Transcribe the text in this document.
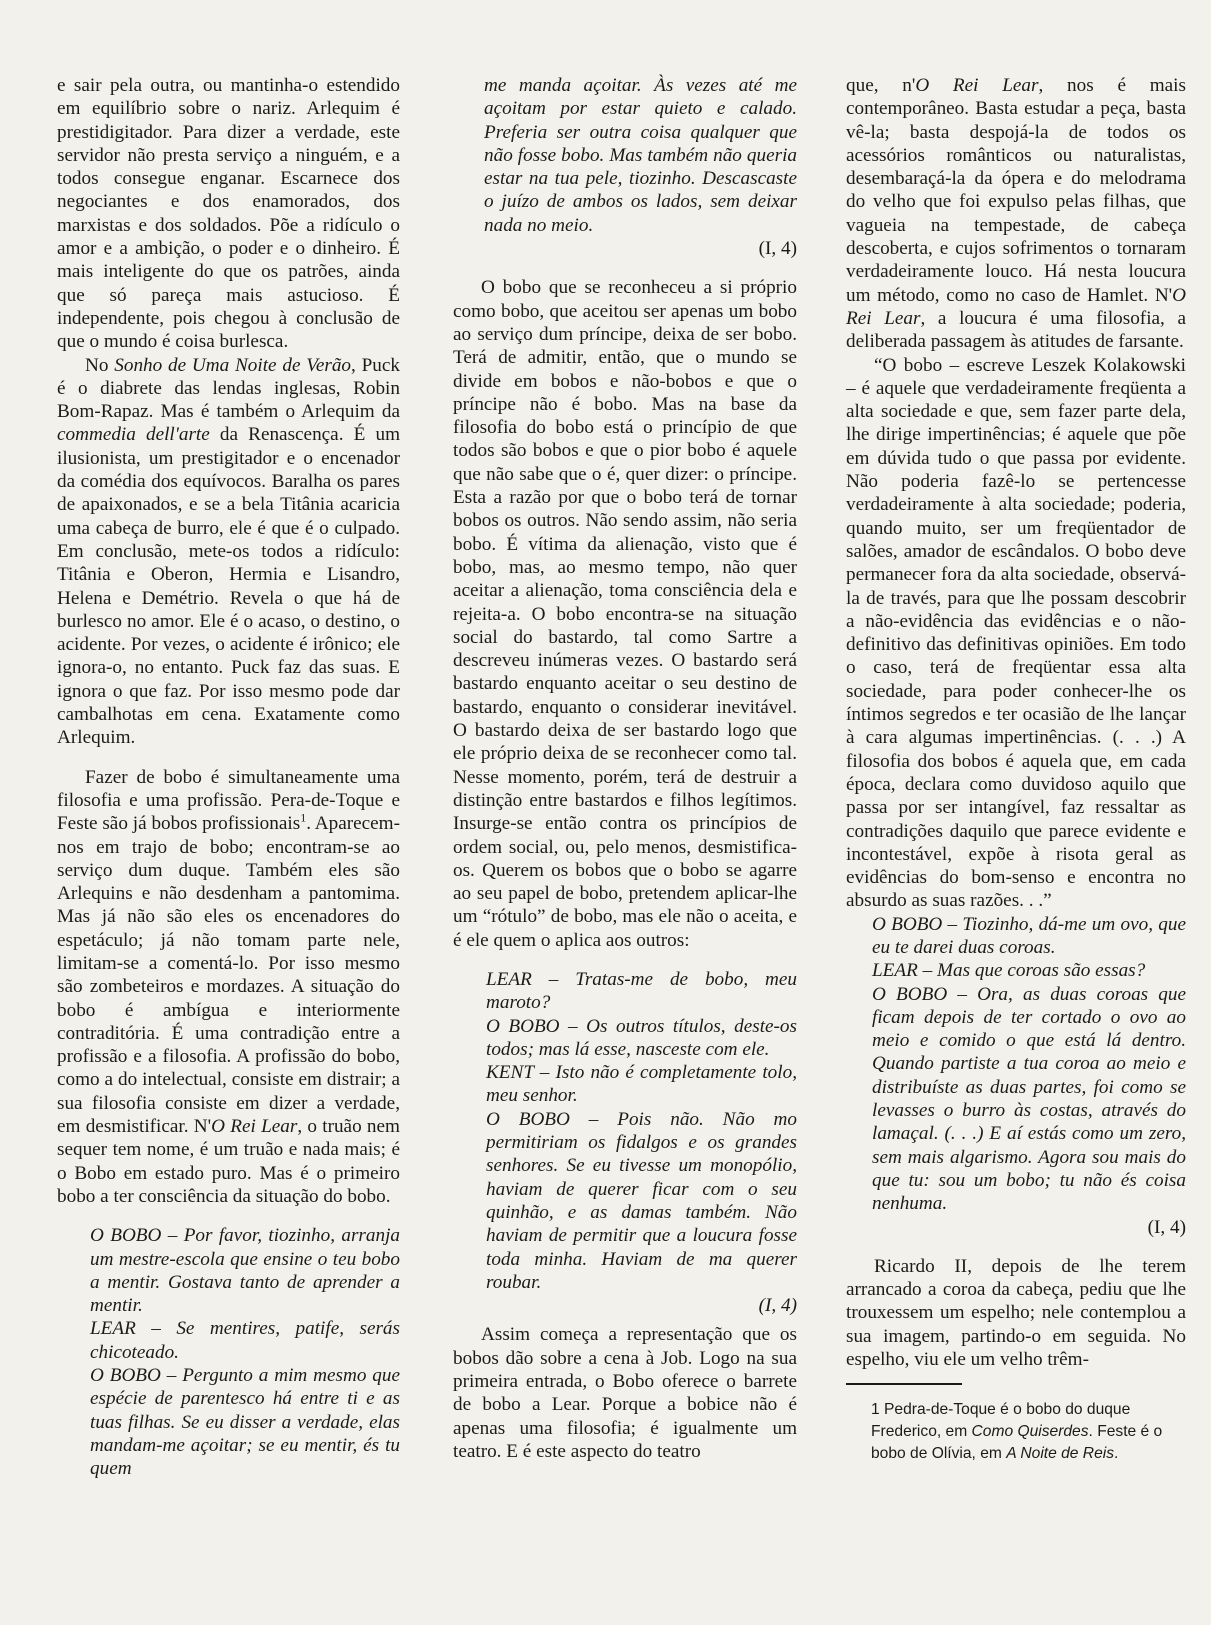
e sair pela outra, ou mantinha-o estendido em equilíbrio sobre o nariz. Arlequim é prestidigitador. Para dizer a verdade, este servidor não presta serviço a ninguém, e a todos consegue enganar. Escarnece dos negociantes e dos enamorados, dos marxistas e dos soldados. Põe a ridículo o amor e a ambição, o poder e o dinheiro. É mais inteligente do que os patrões, ainda que só pareça mais astucioso. É independente, pois chegou à conclusão de que o mundo é coisa burlesca.

No Sonho de Uma Noite de Verão, Puck é o diabrete das lendas inglesas, Robin Bom-Rapaz. Mas é também o Arlequim da commedia dell'arte da Renascença. É um ilusionista, um prestigitador e o encenador da comédia dos equívocos. Baralha os pares de apaixonados, e se a bela Titânia acaricia uma cabeça de burro, ele é que é o culpado. Em conclusão, mete-os todos a ridículo: Titânia e Oberon, Hermia e Lisandro, Helena e Demétrio. Revela o que há de burlesco no amor. Ele é o acaso, o destino, o acidente. Por vezes, o acidente é irônico; ele ignora-o, no entanto. Puck faz das suas. E ignora o que faz. Por isso mesmo pode dar cambalhotas em cena. Exatamente como Arlequim.

Fazer de bobo é simultaneamente uma filosofia e uma profissão. Pera-de-Toque e Feste são já bobos profissionais$^1$. Aparecem-nos em trajo de bobo; encontram-se ao serviço dum duque. Também eles são Arlequins e não desdenham a pantomima. Mas já não são eles os encenadores do espetáculo; já não tomam parte nele, limitam-se a comentá-lo. Por isso mesmo são zombeteiros e mordazes. A situação do bobo é ambígua e interiormente contraditória. É uma contradição entre a profissão e a filosofia. A profissão do bobo, como a do intelectual, consiste em distrair; a sua filosofia consiste em dizer a verdade, em desmistificar. N'O Rei Lear, o truão nem sequer tem nome, é um truão e nada mais; é o Bobo em estado puro. Mas é o primeiro bobo a ter consciência da situação do bobo.

O BOBO – Por favor, tiozinho, arranja um mestre-escola que ensine o teu bobo a mentir. Gostava tanto de aprender a mentir.

LEAR – Se mentires, patife, serás chicoteado.

O BOBO – Pergunto a mim mesmo que espécie de parentesco há entre ti e as tuas filhas. Se eu disser a verdade, elas mandam-me açoitar; se eu mentir, és tu quem

me manda açoitar. Às vezes até me açoitam por estar quieto e calado. Preferia ser outra coisa qualquer que não fosse bobo. Mas também não queria estar na tua pele, tiozinho. Descascaste o juízo de ambos os lados, sem deixar nada no meio.

(I, 4)

O bobo que se reconheceu a si próprio como bobo, que aceitou ser apenas um bobo ao serviço dum príncipe, deixa de ser bobo. Terá de admitir, então, que o mundo se divide em bobos e não-bobos e que o príncipe não é bobo. Mas na base da filosofia do bobo está o princípio de que todos são bobos e que o pior bobo é aquele que não sabe que o é, quer dizer: o príncipe. Esta a razão por que o bobo terá de tornar bobos os outros. Não sendo assim, não seria bobo. É vítima da alienação, visto que é bobo, mas, ao mesmo tempo, não quer aceitar a alienação, toma consciência dela e rejeita-a. O bobo encontra-se na situação social do bastardo, tal como Sartre a descreveu inúmeras vezes. O bastardo será bastardo enquanto aceitar o seu destino de bastardo, enquanto o considerar inevitável. O bastardo deixa de ser bastardo logo que ele próprio deixa de se reconhecer como tal. Nesse momento, porém, terá de destruir a distinção entre bastardos e filhos legítimos. Insurge-se então contra os princípios de ordem social, ou, pelo menos, desmistifica-os. Querem os bobos que o bobo se agarre ao seu papel de bobo, pretendem aplicar-lhe um “rótulo” de bobo, mas ele não o aceita, e é ele quem o aplica aos outros:

LEAR – Tratas-me de bobo, meu maroto?

O BOBO – Os outros títulos, deste-os todos; mas lá esse, nasceste com ele.

KENT – Isto não é completamente tolo, meu senhor.

O BOBO – Pois não. Não mo permitiriam os fidalgos e os grandes senhores. Se eu tivesse um monopólio, haviam de querer ficar com o seu quinhão, e as damas também. Não haviam de permitir que a loucura fosse toda minha. Haviam de ma querer roubar.

(I, 4)

Assim começa a representação que os bobos dão sobre a cena à Job. Logo na sua primeira entrada, o Bobo oferece o barrete de bobo a Lear. Porque a bobice não é apenas uma filosofia; é igualmente um teatro. E é este aspecto do teatro

que, n'O Rei Lear, nos é mais contemporâneo. Basta estudar a peça, basta vê-la; basta despojá-la de todos os acessórios românticos ou naturalistas, desembaraçá-la da ópera e do melodrama do velho que foi expulso pelas filhas, que vagueia na tempestade, de cabeça descoberta, e cujos sofrimentos o tornaram verdadeiramente louco. Há nesta loucura um método, como no caso de Hamlet. N'O Rei Lear, a loucura é uma filosofia, a deliberada passagem às atitudes de farsante.

“O bobo – escreve Leszek Kolakowski – é aquele que verdadeiramente freqüenta a alta sociedade e que, sem fazer parte dela, lhe dirige impertinências; é aquele que põe em dúvida tudo o que passa por evidente. Não poderia fazê-lo se pertencesse verdadeiramente à alta sociedade; poderia, quando muito, ser um freqüentador de salões, amador de escândalos. O bobo deve permanecer fora da alta sociedade, observá-la de través, para que lhe possam descobrir a não-evidência das evidências e o não-definitivo das definitivas opiniões. Em todo o caso, terá de freqüentar essa alta sociedade, para poder conhecer-lhe os íntimos segredos e ter ocasião de lhe lançar à cara algumas impertinências. (. . .) A filosofia dos bobos é aquela que, em cada época, declara como duvidoso aquilo que passa por ser intangível, faz ressaltar as contradições daquilo que parece evidente e incontestável, expõe à risota geral as evidências do bom-senso e encontra no absurdo as suas razões. . .”

O BOBO – Tiozinho, dá-me um ovo, que eu te darei duas coroas.

LEAR – Mas que coroas são essas?

O BOBO – Ora, as duas coroas que ficam depois de ter cortado o ovo ao meio e comido o que está lá dentro. Quando partiste a tua coroa ao meio e distribuíste as duas partes, foi como se levasses o burro às costas, através do lamaçal. (. . .) E aí estás como um zero, sem mais algarismo. Agora sou mais do que tu: sou um bobo; tu não és coisa nenhuma.

(I, 4)

Ricardo II, depois de lhe terem arrancado a coroa da cabeça, pediu que lhe trouxessem um espelho; nele contemplou a sua imagem, partindo-o em seguida. No espelho, viu ele um velho trêm-

1 Pedra-de-Toque é o bobo do duque Frederico, em Como Quiserdes. Feste é o bobo de Olívia, em A Noite de Reis.
